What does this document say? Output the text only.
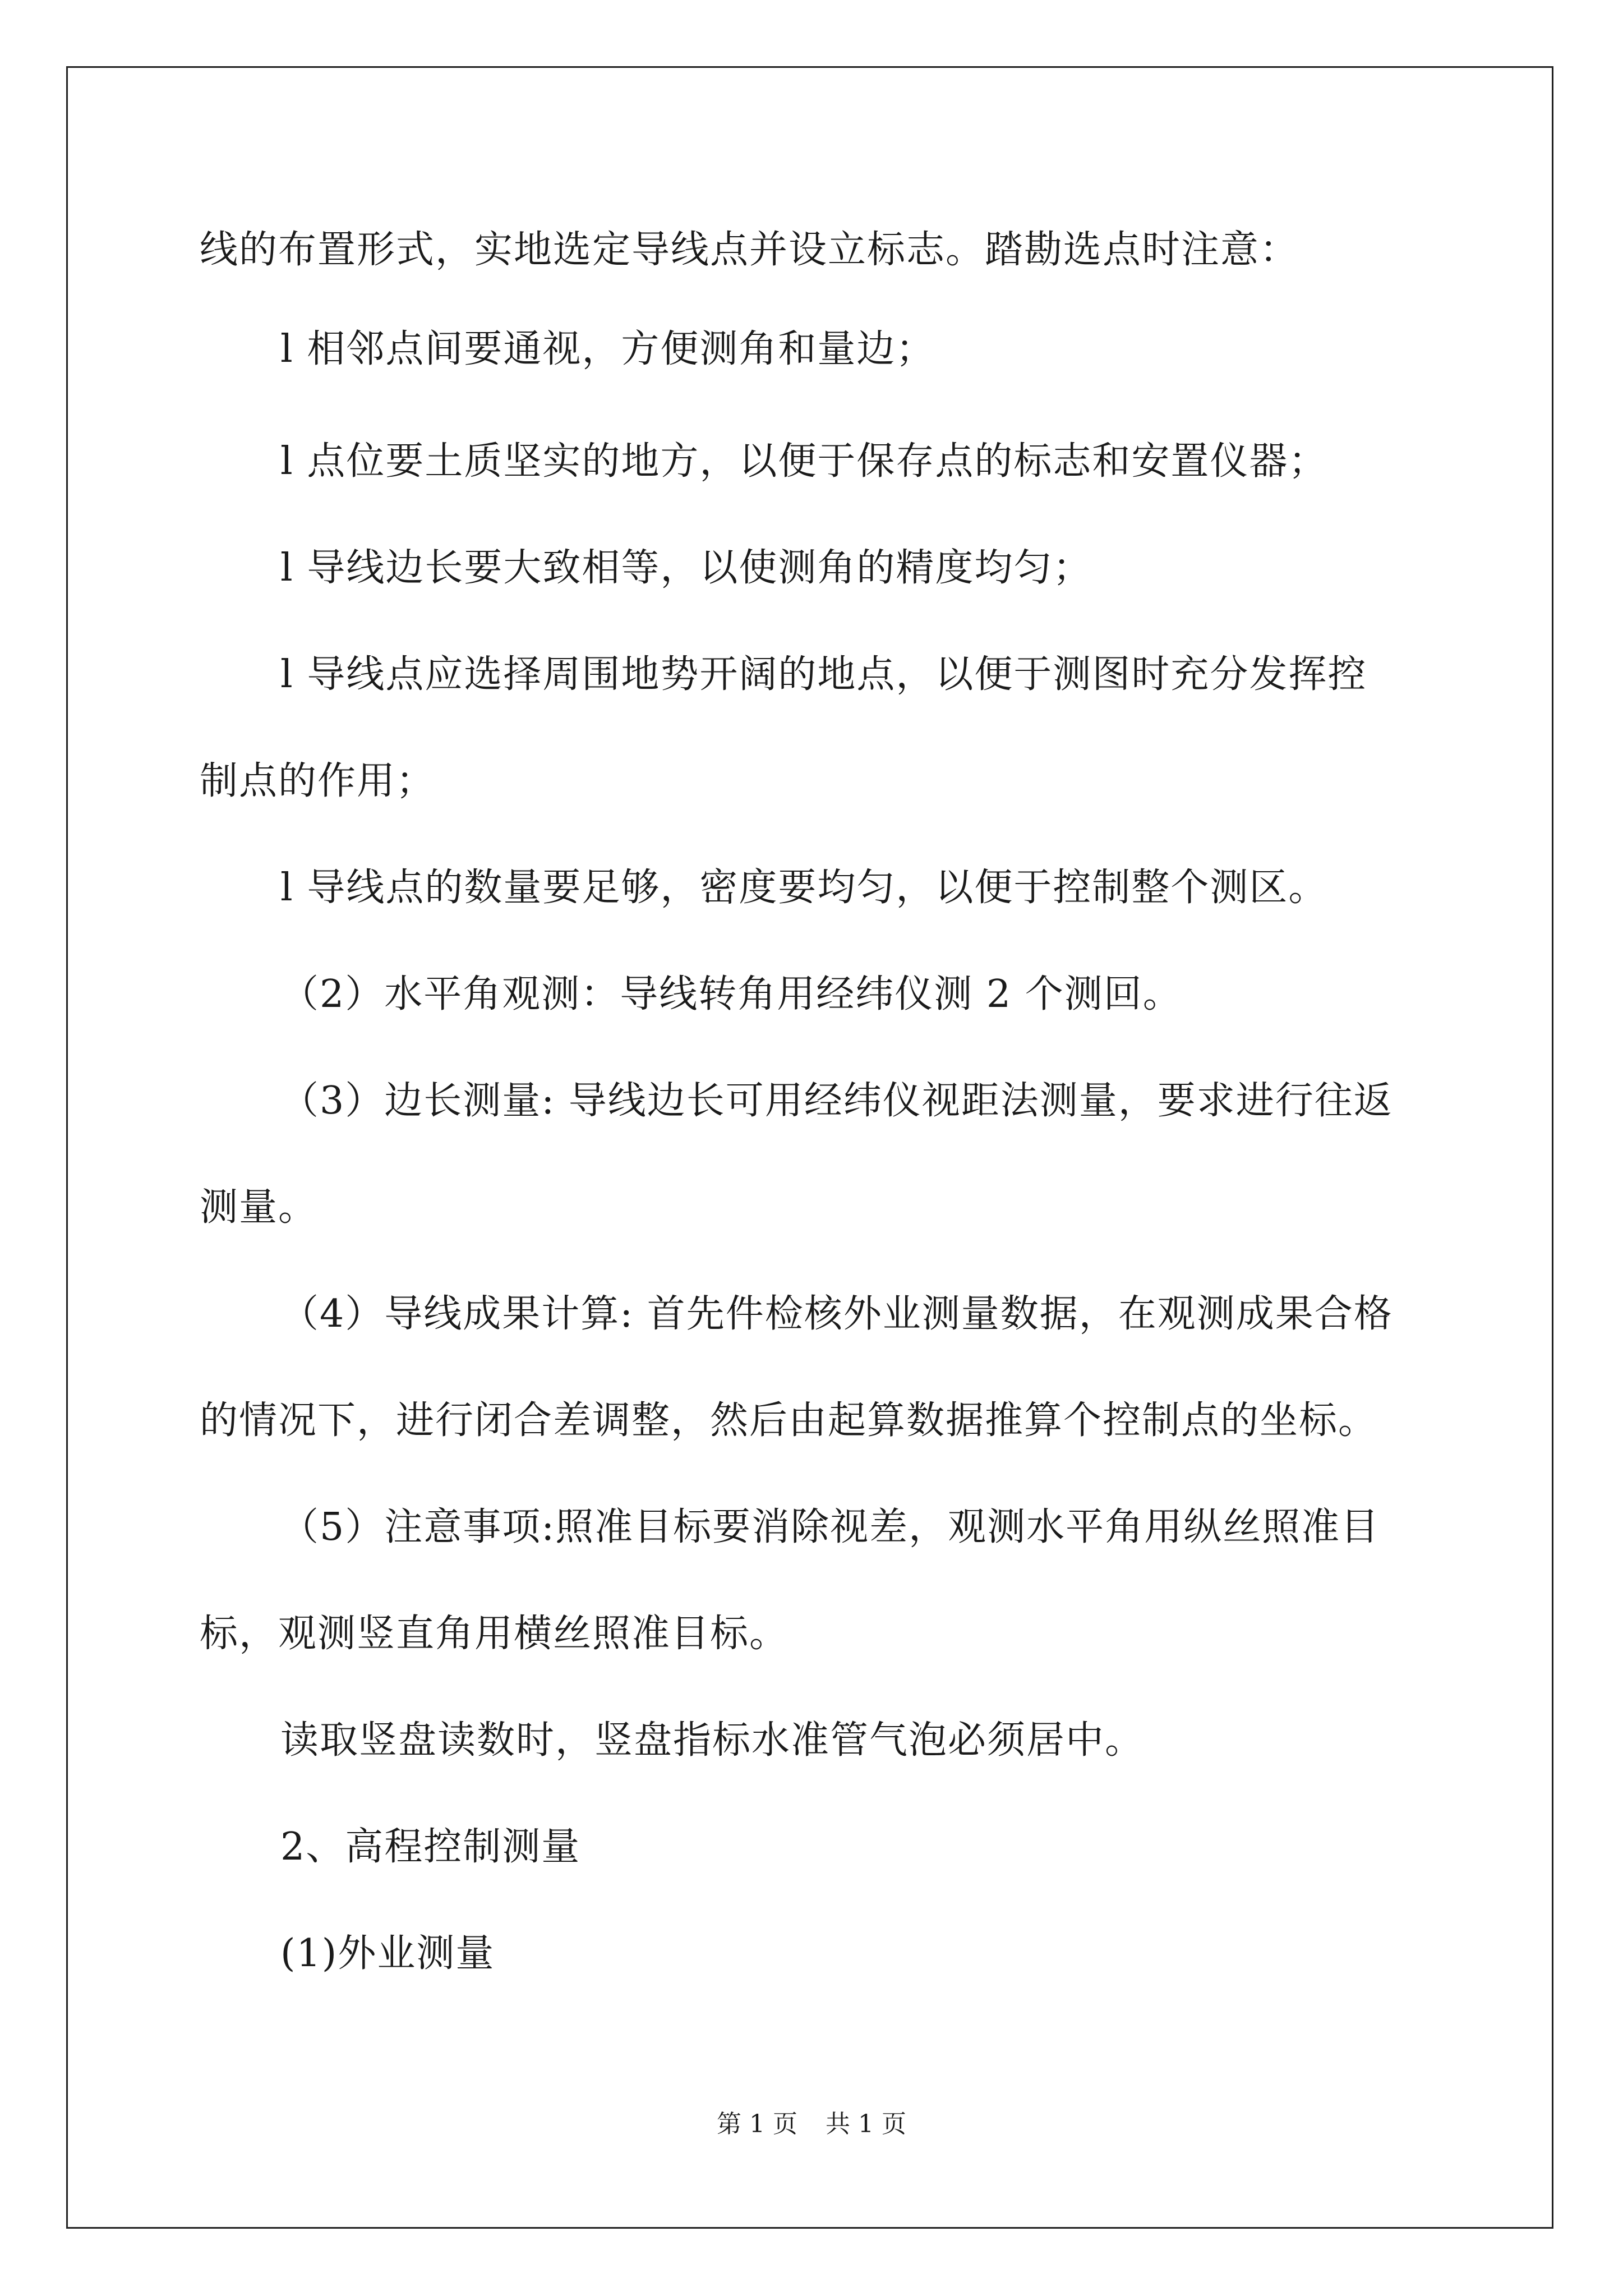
线的布置形式，实地选定导线点并设立标志。踏勘选点时注意：
l 相邻点间要通视，方便测角和量边；
l 点位要土质坚实的地方，以便于保存点的标志和安置仪器；
l 导线边长要大致相等，以使测角的精度均匀；
l 导线点应选择周围地势开阔的地点，以便于测图时充分发挥控
制点的作用；
l 导线点的数量要足够，密度要均匀，以便于控制整个测区。
（2）水平角观测：导线转角用经纬仪测 2 个测回。
（3）边长测量: 导线边长可用经纬仪视距法测量，要求进行往返
测量。
（4）导线成果计算: 首先件检核外业测量数据，在观测成果合格
的情况下，进行闭合差调整，然后由起算数据推算个控制点的坐标。
（5）注意事项:照准目标要消除视差，观测水平角用纵丝照准目
标，观测竖直角用横丝照准目标。
读取竖盘读数时，竖盘指标水准管气泡必须居中。
2、高程控制测量
(1)外业测量
第 1 页 共 1 页
